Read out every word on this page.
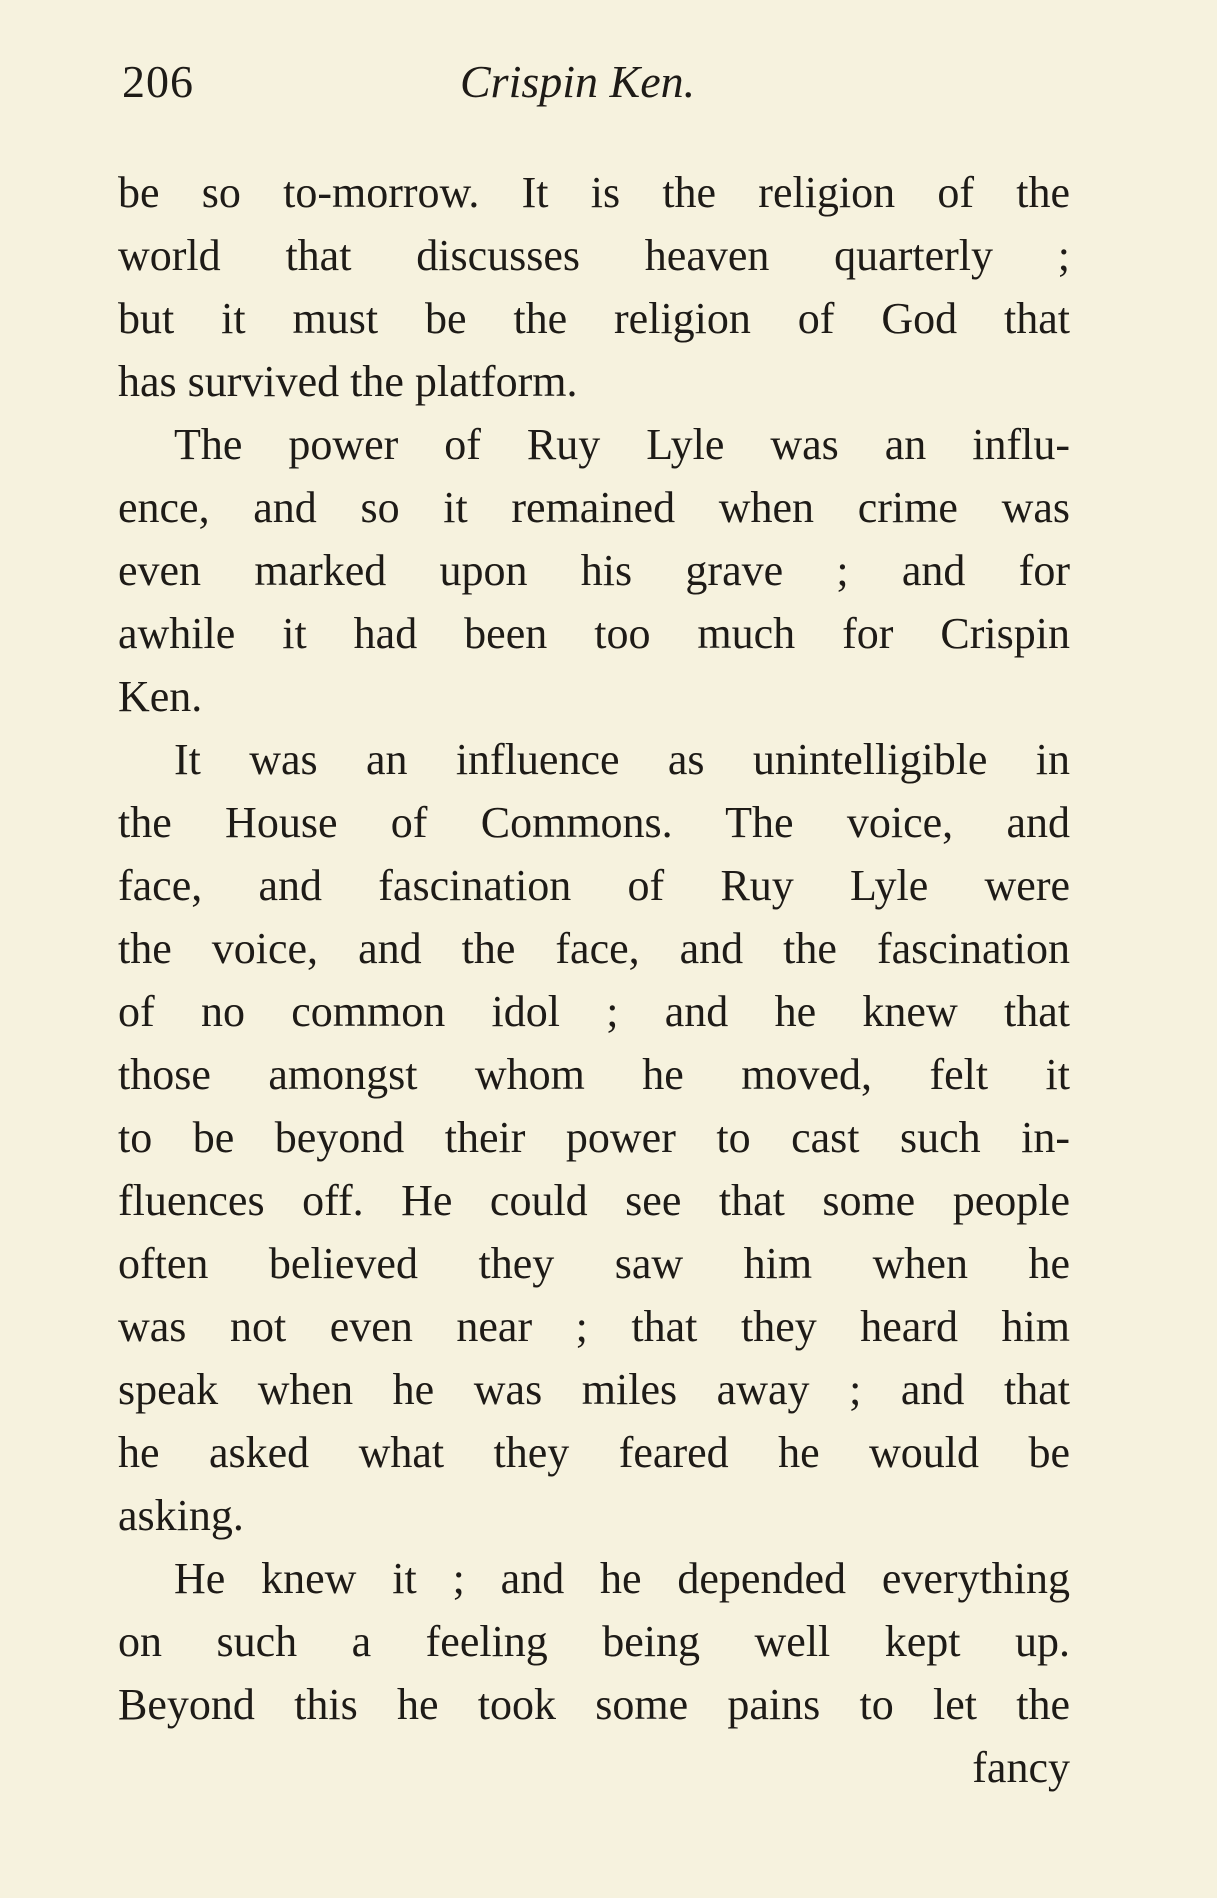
206	Crispin Ken.
be so to-morrow. It is the religion of the
world that discusses heaven quarterly ;
but it must be the religion of God that
has survived the platform.
The power of Ruy Lyle was an influ-
ence, and so it remained when crime was
even marked upon his grave ; and for
awhile it had been too much for Crispin
Ken.
It was an influence as unintelligible in
the House of Commons. The voice, and
face, and fascination of Ruy Lyle were
the voice, and the face, and the fascination
of no common idol ; and he knew that
those amongst whom he moved, felt it
to be beyond their power to cast such in-
fluences off. He could see that some people
often believed they saw him when he
was not even near ; that they heard him
speak when he was miles away ; and that
he asked what they feared he would be
asking.
He knew it ; and he depended everything
on such a feeling being well kept up.
Beyond this he took some pains to let the
fancy
